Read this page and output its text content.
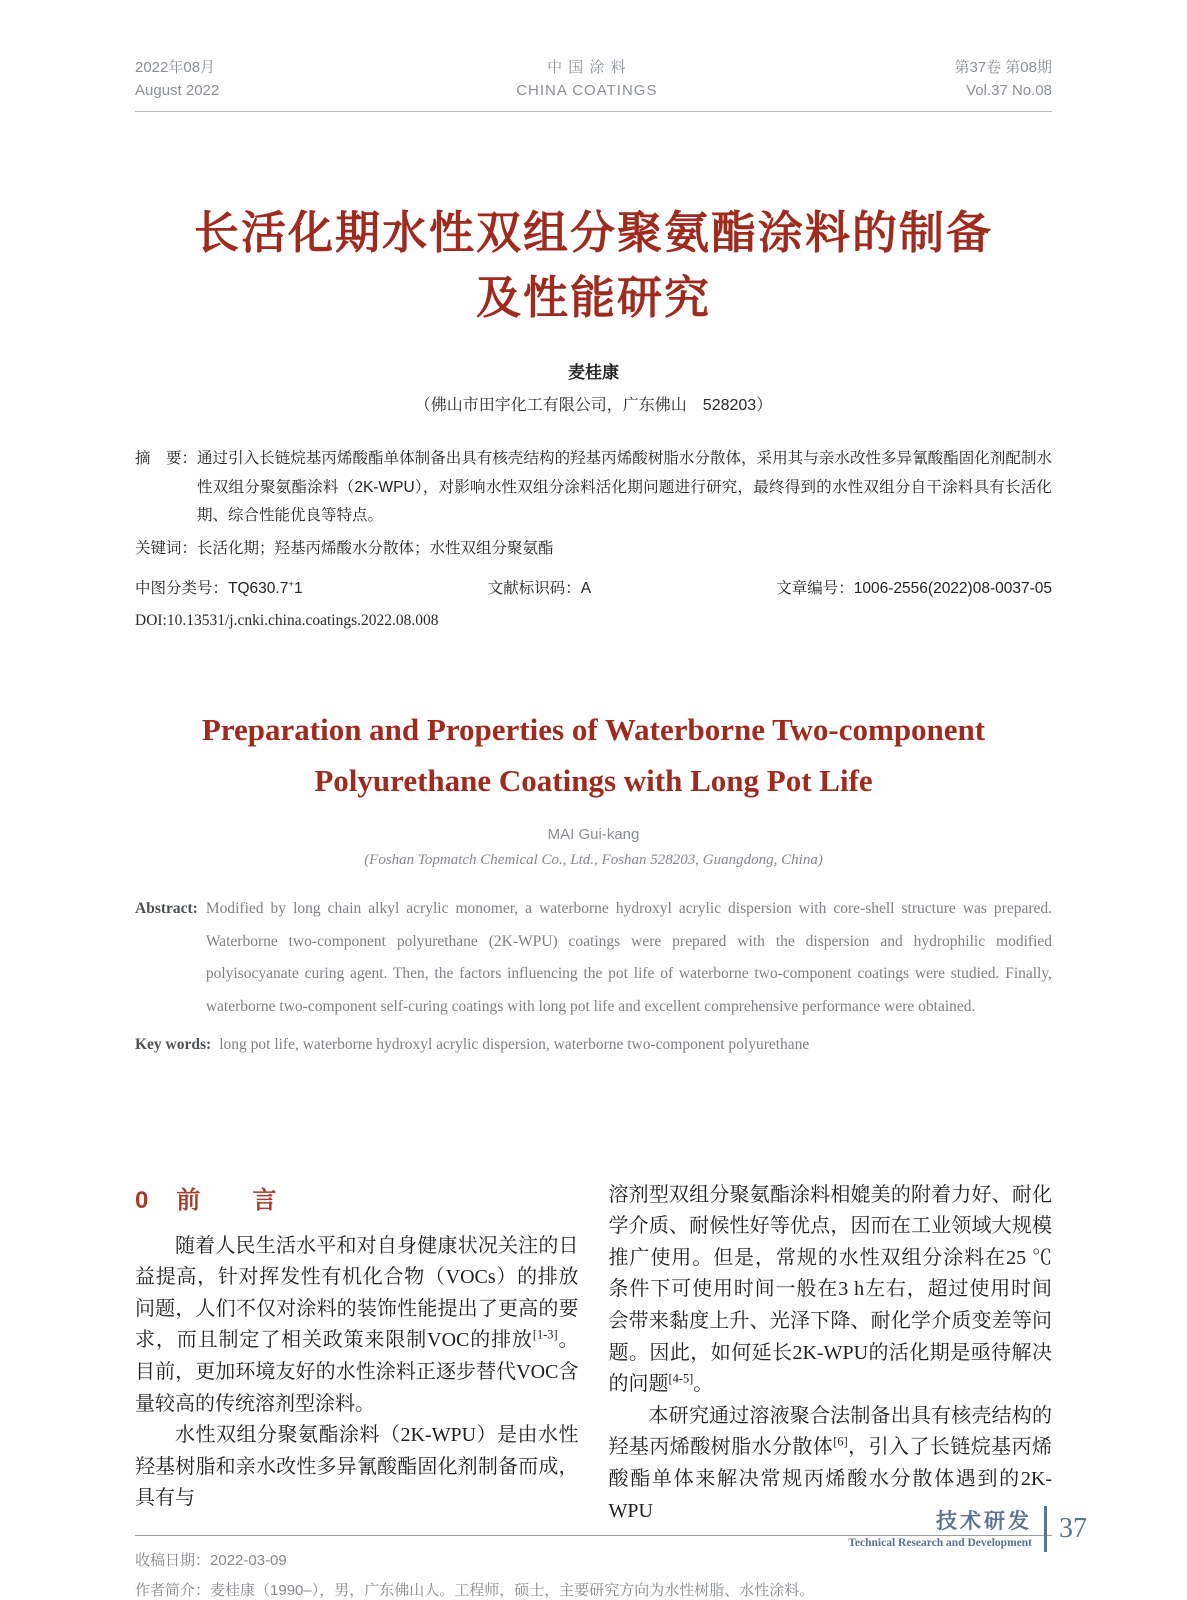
2022年08月
August 2022
中 国 涂 料
CHINA COATINGS
第37卷 第08期
Vol.37 No.08
长活化期水性双组分聚氨酯涂料的制备
及性能研究
麦桂康
（佛山市田宇化工有限公司，广东佛山　528203）
摘　要： 通过引入长链烷基丙烯酸酯单体制备出具有核壳结构的羟基丙烯酸树脂水分散体，采用其与亲水改性多异氰酸酯固化剂配制水性双组分聚氨酯涂料（2K-WPU），对影响水性双组分涂料活化期问题进行研究，最终得到的水性双组分自干涂料具有长活化期、综合性能优良等特点。
关键词： 长活化期；羟基丙烯酸水分散体；水性双组分聚氨酯
中图分类号：TQ630.7+1	文献标识码：A	文章编号：1006-2556(2022)08-0037-05
DOI:10.13531/j.cnki.china.coatings.2022.08.008
Preparation and Properties of Waterborne Two-component
Polyurethane Coatings with Long Pot Life
MAI Gui-kang
(Foshan Topmatch Chemical Co., Ltd., Foshan 528203, Guangdong, China)
Abstract: Modified by long chain alkyl acrylic monomer, a waterborne hydroxyl acrylic dispersion with core-shell structure was prepared. Waterborne two-component polyurethane (2K-WPU) coatings were prepared with the dispersion and hydrophilic modified polyisocyanate curing agent. Then, the factors influencing the pot life of waterborne two-component coatings were studied. Finally, waterborne two-component self-curing coatings with long pot life and excellent comprehensive performance were obtained.
Key words: long pot life, waterborne hydroxyl acrylic dispersion, waterborne two-component polyurethane
0 前　言

随着人民生活水平和对自身健康状况关注的日益提高，针对挥发性有机化合物（VOCs）的排放问题，人们不仅对涂料的装饰性能提出了更高的要求，而且制定了相关政策来限制VOC的排放[1-3]。目前，更加环境友好的水性涂料正逐步替代VOC含量较高的传统溶剂型涂料。

水性双组分聚氨酯涂料（2K-WPU）是由水性羟基树脂和亲水改性多异氰酸酯固化剂制备而成，具有与

溶剂型双组分聚氨酯涂料相媲美的附着力好、耐化学介质、耐候性好等优点，因而在工业领域大规模推广使用。但是，常规的水性双组分涂料在25 ℃条件下可使用时间一般在3 h左右，超过使用时间会带来黏度上升、光泽下降、耐化学介质变差等问题。因此，如何延长2K-WPU的活化期是亟待解决的问题[4-5]。

本研究通过溶液聚合法制备出具有核壳结构的羟基丙烯酸树脂水分散体[6]，引入了长链烷基丙烯酸酯单体来解决常规丙烯酸水分散体遇到的2K-WPU

收稿日期：2022-03-09
作者简介：麦桂康（1990–），男，广东佛山人。工程师，硕士，主要研究方向为水性树脂、水性涂料。
技术研发
Technical Research and Development 37
